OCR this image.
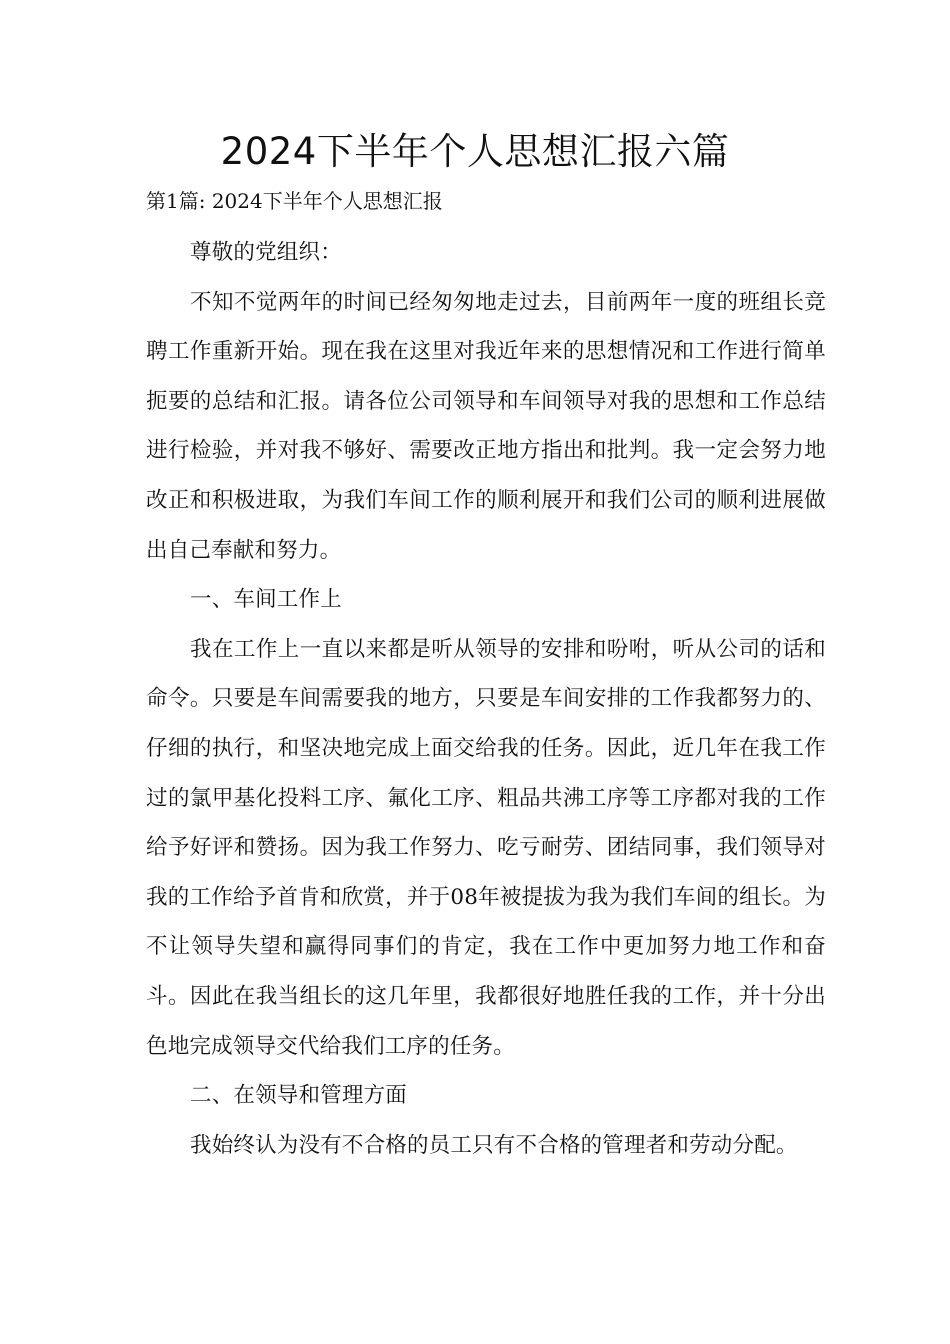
2024下半年个人思想汇报六篇

第1篇: 2024下半年个人思想汇报

尊敬的党组织：

不知不觉两年的时间已经匆匆地走过去，目前两年一度的班组长竞聘工作重新开始。现在我在这里对我近年来的思想情况和工作进行简单扼要的总结和汇报。请各位公司领导和车间领导对我的思想和工作总结进行检验，并对我不够好、需要改正地方指出和批判。我一定会努力地改正和积极进取，为我们车间工作的顺利展开和我们公司的顺利进展做出自己奉献和努力。

一、车间工作上

我在工作上一直以来都是听从领导的安排和吩咐，听从公司的话和命令。只要是车间需要我的地方，只要是车间安排的工作我都努力的、仔细的执行，和坚决地完成上面交给我的任务。因此，近几年在我工作过的氯甲基化投料工序、氟化工序、粗品共沸工序等工序都对我的工作给予好评和赞扬。因为我工作努力、吃亏耐劳、团结同事，我们领导对我的工作给予首肯和欣赏，并于08年被提拔为我为我们车间的组长。为不让领导失望和赢得同事们的肯定，我在工作中更加努力地工作和奋斗。因此在我当组长的这几年里，我都很好地胜任我的工作，并十分出色地完成领导交代给我们工序的任务。

二、在领导和管理方面

我始终认为没有不合格的员工只有不合格的管理者和劳动分配。
